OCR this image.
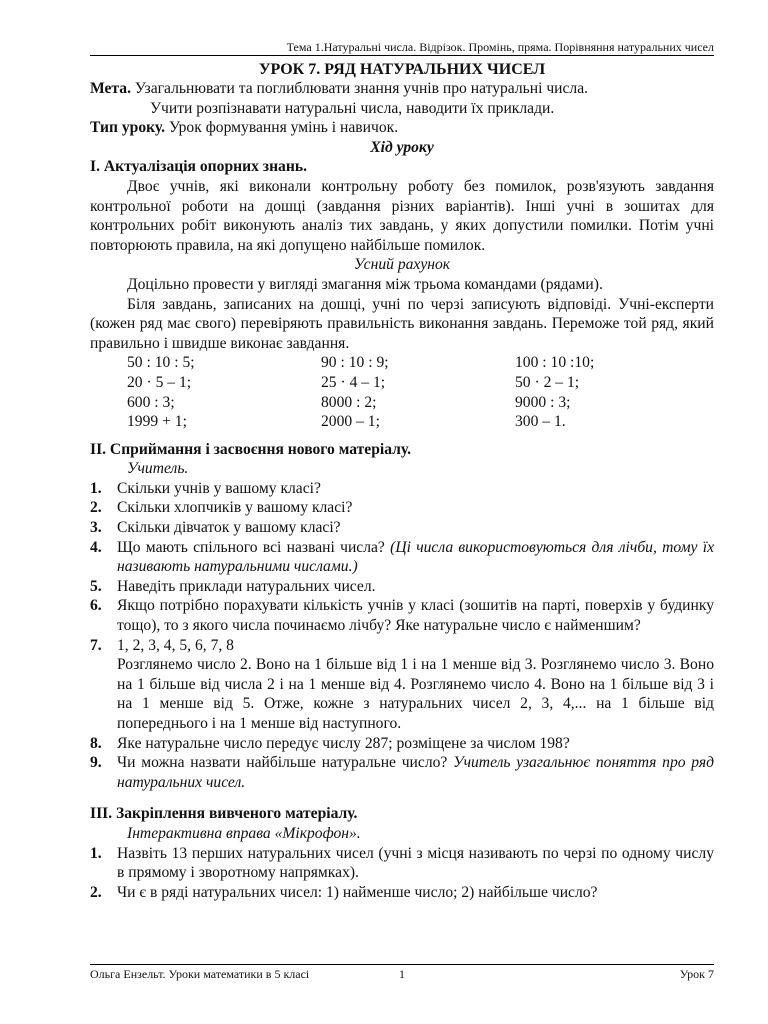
Тема 1.Натуральні числа. Відрізок. Промінь, пряма. Порівняння натуральних чисел
УРОК 7. РЯД НАТУРАЛЬНИХ ЧИСЕЛ
Мета. Узагальнювати та поглиблювати знання учнів про натуральні числа.
Учити розпізнавати натуральні числа, наводити їх приклади.
Тип уроку. Урок формування умінь і навичок.
Хід уроку
І. Актуалізація опорних знань.
Двоє учнів, які виконали контрольну роботу без помилок, розв'язують завдання контрольної роботи на дошці (завдання різних варіантів). Інші учні в зошитах для контрольних робіт виконують аналіз тих завдань, у яких допустили помилки. Потім учні повторюють правила, на які допущено найбільше помилок.
Усний рахунок
Доцільно провести у вигляді змагання між трьома командами (рядами).
Біля завдань, записаних на дошці, учні по черзі записують відповіді. Учні-експерти (кожен ряд має свого) перевіряють правильність виконання завдань. Переможе той ряд, який правильно і швидше виконає завдання.
50 : 10 : 5;	90 : 10 : 9;	100 : 10 :10;
20 · 5 – 1;	25 · 4 – 1;	50 · 2 – 1;
600 : 3;	8000 : 2;	9000 : 3;
1999 + 1;	2000 – 1;	300 – 1.
ІІ. Сприймання і засвоєння нового матеріалу.
Учитель.
1. Скільки учнів у вашому класі?
2. Скільки хлопчиків у вашому класі?
3. Скільки дівчаток у вашому класі?
4. Що мають спільного всі названі числа? (Ці числа використовуються для лічби, тому їх називають натуральними числами.)
5. Наведіть приклади натуральних чисел.
6. Якщо потрібно порахувати кількість учнів у класі (зошитів на парті, поверхів у будинку тощо), то з якого числа починаємо лічбу? Яке натуральне число є найменшим?
7. 1, 2, 3, 4, 5, 6, 7, 8
Розглянемо число 2. Воно на 1 більше від 1 і на 1 менше від 3. Розглянемо число 3. Воно на 1 більше від числа 2 і на 1 менше від 4. Розглянемо число 4. Воно на 1 більше від 3 і на 1 менше від 5. Отже, кожне з натуральних чисел 2, 3, 4,... на 1 більше від попереднього і на 1 менше від наступного.
8. Яке натуральне число передує числу 287; розміщене за числом 198?
9. Чи можна назвати найбільше натуральне число? Учитель узагальнює поняття про ряд натуральних чисел.
ІІІ. Закріплення вивченого матеріалу.
Інтерактивна вправа «Мікрофон».
1. Назвіть 13 перших натуральних чисел (учні з місця називають по черзі по одному числу в прямому і зворотному напрямках).
2. Чи є в ряді натуральних чисел: 1) найменше число; 2) найбільше число?
Ольга Ензельт. Уроки математики в 5 класі	1	Урок 7
